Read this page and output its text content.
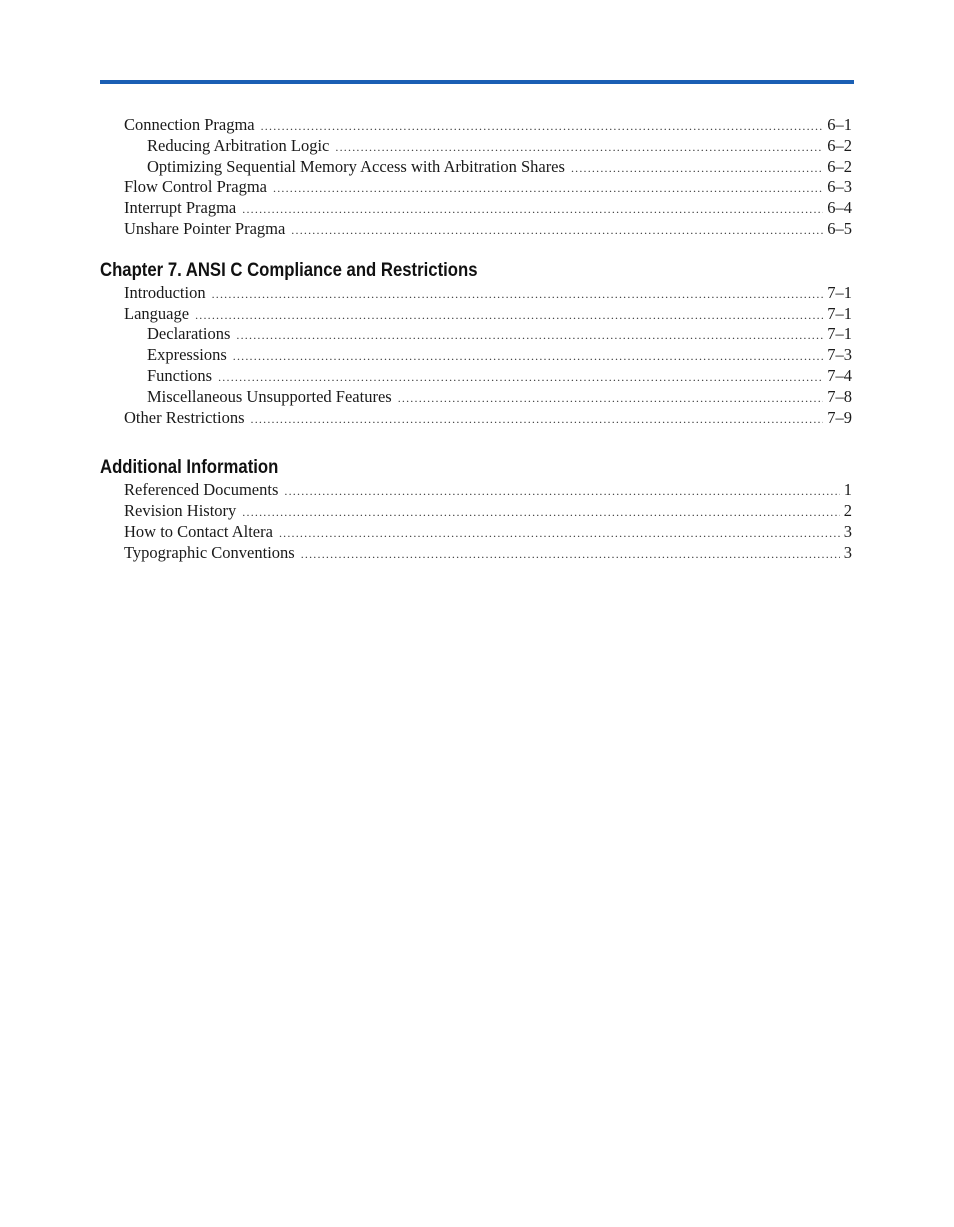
Connection Pragma .....	6–1
Reducing Arbitration Logic .....	6–2
Optimizing Sequential Memory Access with Arbitration Shares .....	6–2
Flow Control Pragma .....	6–3
Interrupt Pragma .....	6–4
Unshare Pointer Pragma .....	6–5
Chapter 7. ANSI C Compliance and Restrictions
Introduction .....	7–1
Language .....	7–1
Declarations .....	7–1
Expressions .....	7–3
Functions .....	7–4
Miscellaneous Unsupported Features .....	7–8
Other Restrictions .....	7–9
Additional Information
Referenced Documents .....	1
Revision History .....	2
How to Contact Altera .....	3
Typographic Conventions .....	3
